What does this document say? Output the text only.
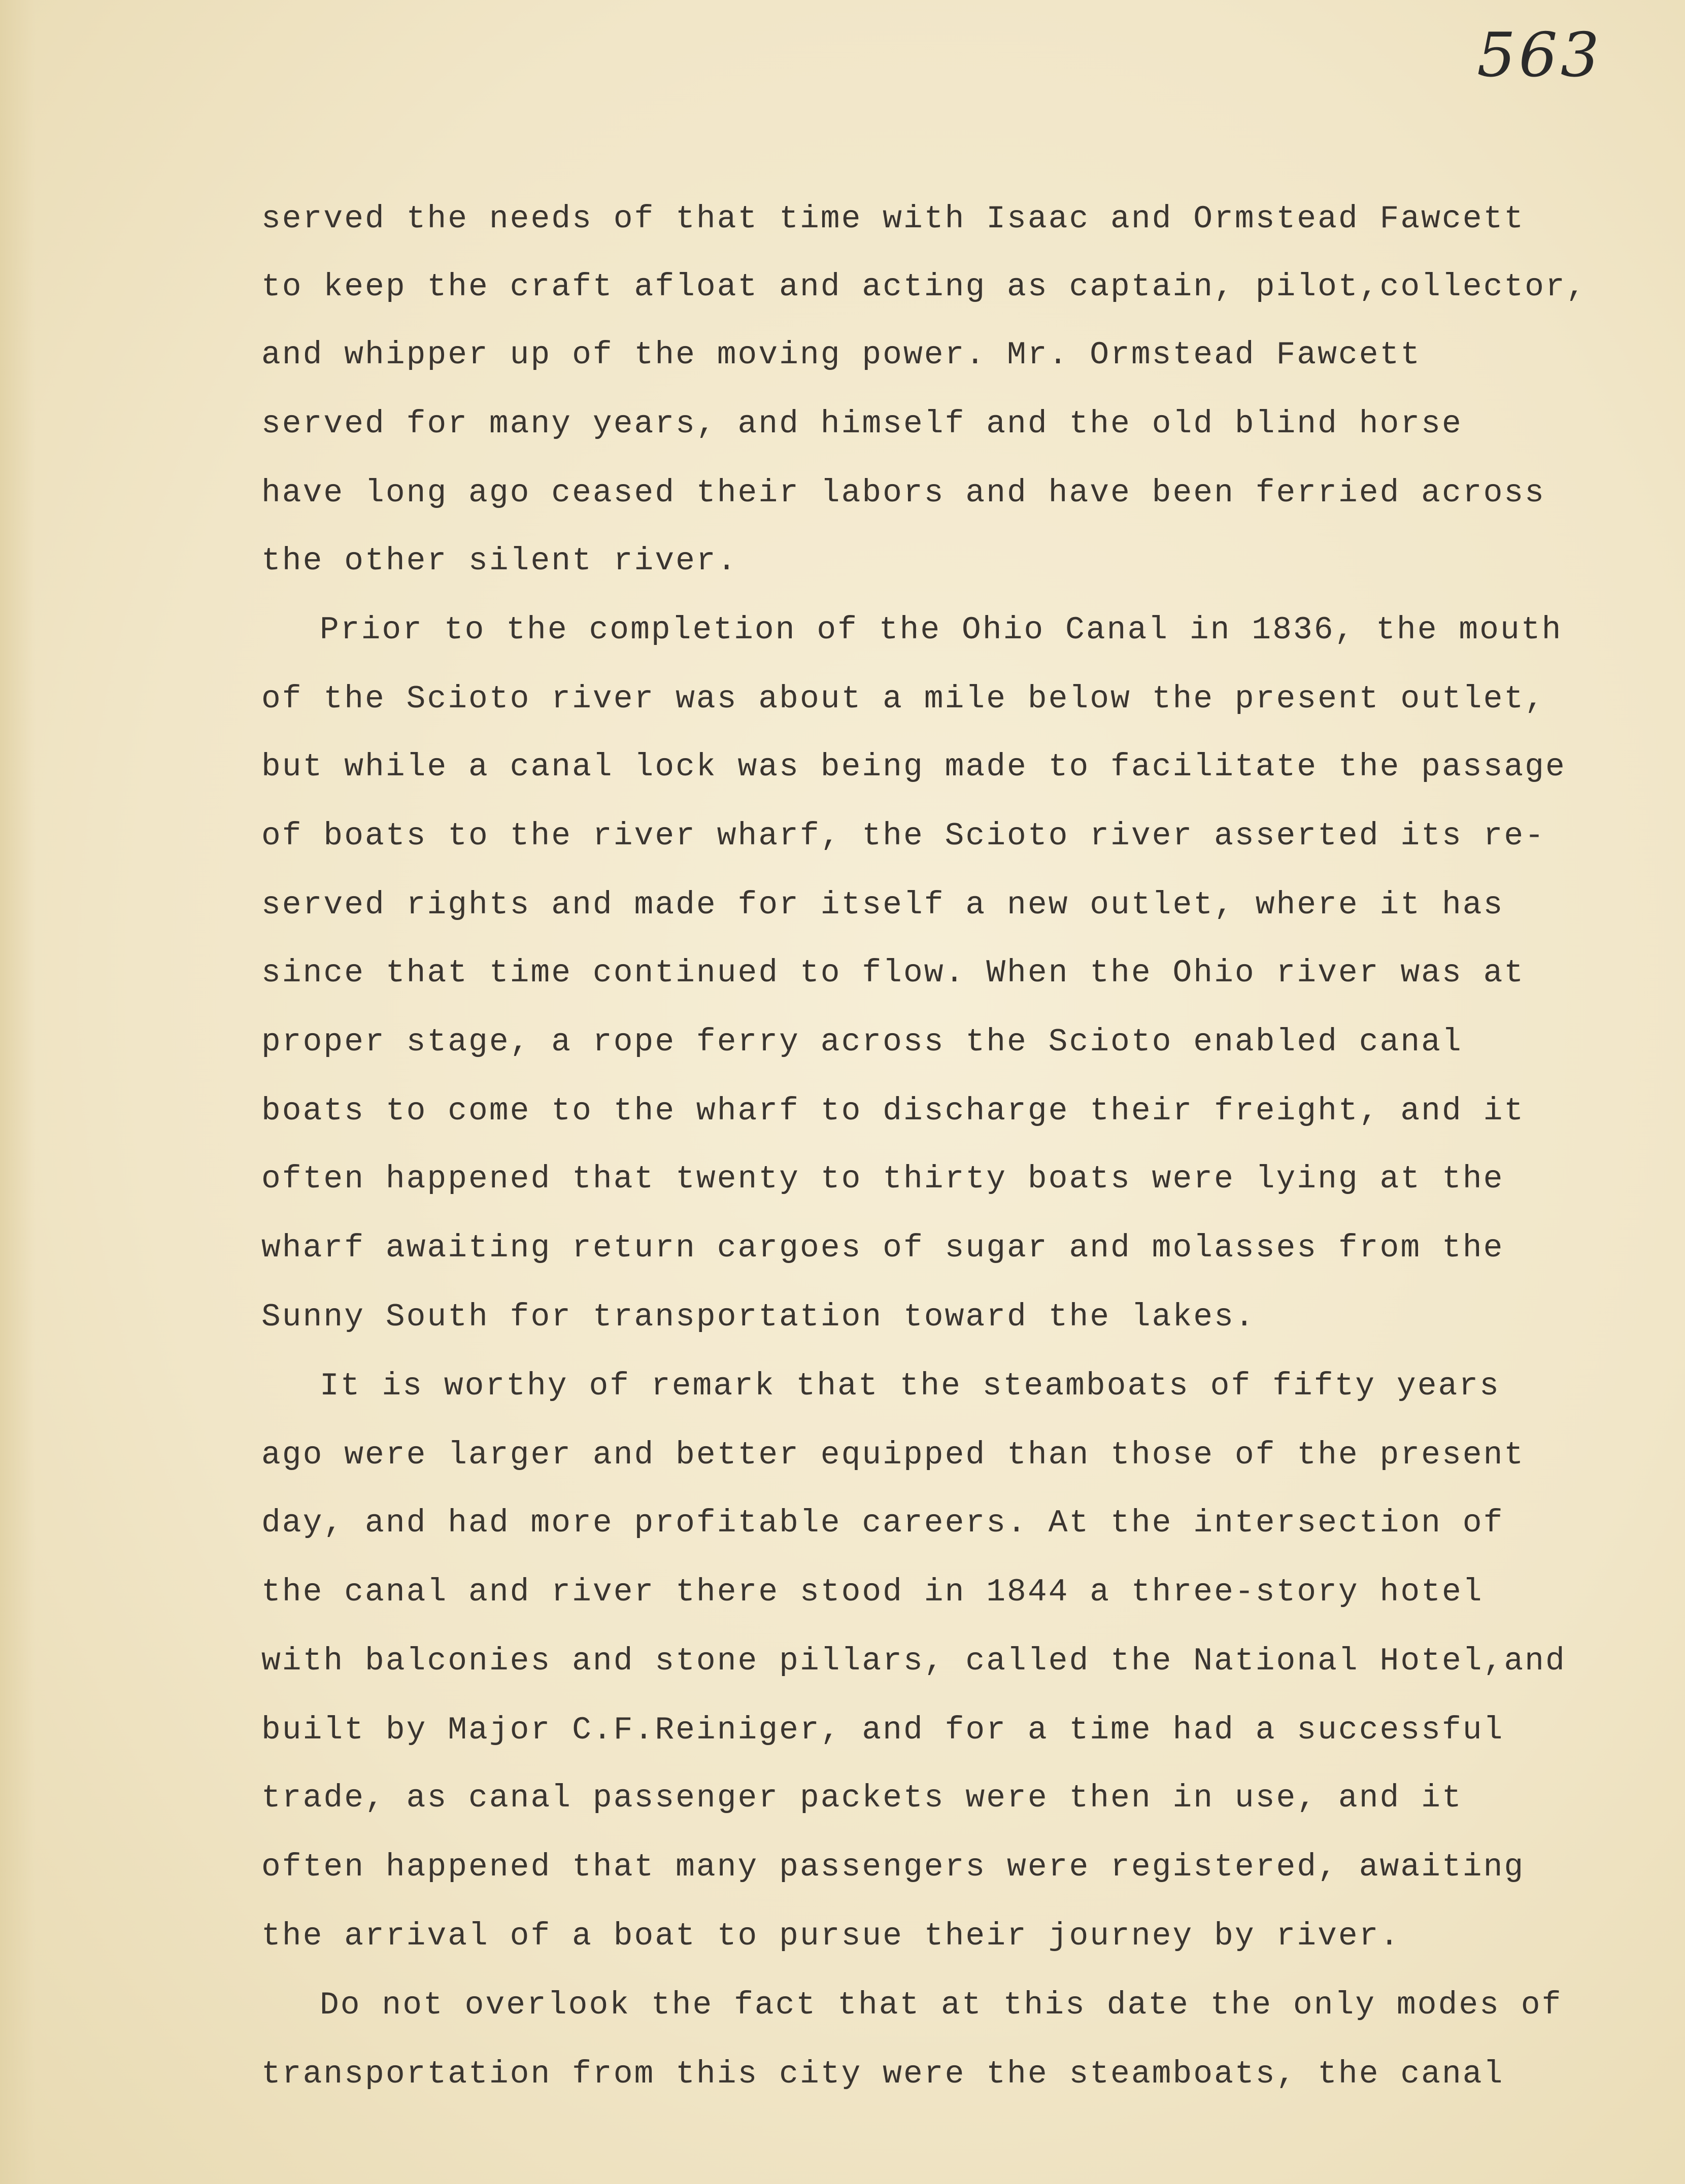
563
served the needs of that time with Isaac and Ormstead Fawcett
to keep the craft afloat and acting as captain, pilot,collector,
and whipper up of the moving power. Mr. Ormstead Fawcett
served for many years, and himself and the old blind horse
have long ago ceased their labors and have been ferried across
the other silent river.
Prior to the completion of the Ohio Canal in 1836, the mouth
of the Scioto river was about a mile below the present outlet,
but while a canal lock was being made to facilitate the passage
of boats to the river wharf, the Scioto river asserted its re-
served rights and made for itself a new outlet, where it has
since that time continued to flow. When the Ohio river was at
proper stage, a rope ferry across the Scioto enabled canal
boats to come to the wharf to discharge their freight, and it
often happened that twenty to thirty boats were lying at the
wharf awaiting return cargoes of sugar and molasses from the
Sunny South for transportation toward the lakes.
It is worthy of remark that the steamboats of fifty years
ago were larger and better equipped than those of the present
day, and had more profitable careers. At the intersection of
the canal and river there stood in 1844 a three-story hotel
with balconies and stone pillars, called the National Hotel,and
built by Major C.F.Reiniger, and for a time had a successful
trade, as canal passenger packets were then in use, and it
often happened that many passengers were registered, awaiting
the arrival of a boat to pursue their journey by river.
Do not overlook the fact that at this date the only modes of
transportation from this city were the steamboats, the canal
